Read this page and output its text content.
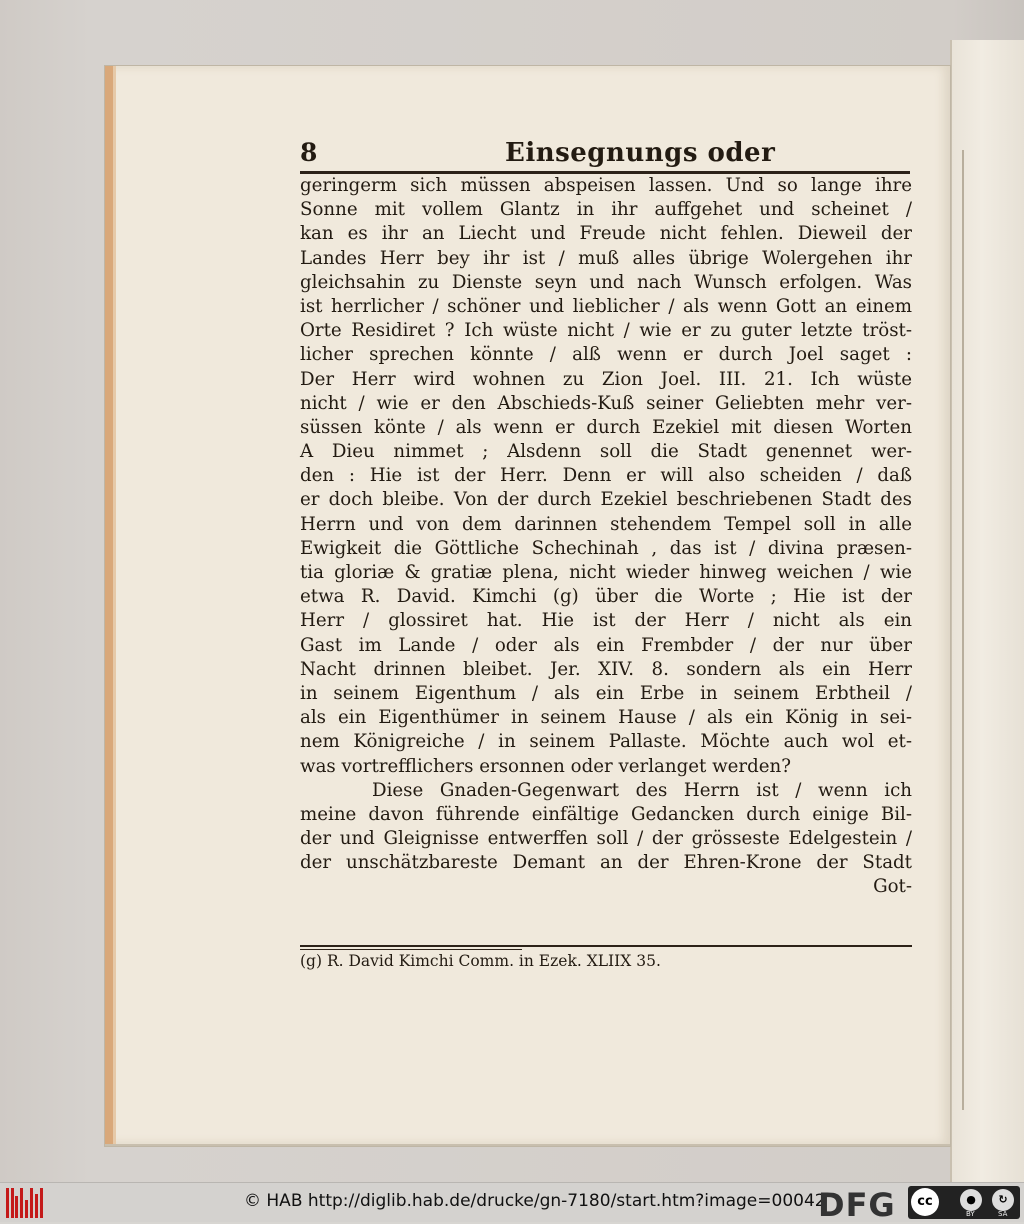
8	Einsegnungs oder
geringerm sich müssen abspeisen lassen. Und so lange ihre
Sonne mit vollem Glantz in ihr auffgehet und scheinet /
kan es ihr an Liecht und Freude nicht fehlen. Dieweil der
Landes Herr bey ihr ist / muß alles übrige Wolergehen ihr
gleichsahin zu Dienste seyn und nach Wunsch erfolgen. Was
ist herrlicher / schöner und lieblicher / als wenn Gott an einem
Orte Residiret ? Ich wüste nicht / wie er zu guter letzte tröst-
licher sprechen könnte / alß wenn er durch Joel saget :
Der Herr wird wohnen zu Zion Joel. III. 21. Ich wüste
nicht / wie er den Abschieds-Kuß seiner Geliebten mehr ver-
süssen könte / als wenn er durch Ezekiel mit diesen Worten
A Dieu nimmet ; Alsdenn soll die Stadt genennet wer-
den : Hie ist der Herr. Denn er will also scheiden / daß
er doch bleibe. Von der durch Ezekiel beschriebenen Stadt des
Herrn und von dem darinnen stehendem Tempel soll in alle
Ewigkeit die Göttliche Schechinah , das ist / divina præsen-
tia gloriæ & gratiæ plena, nicht wieder hinweg weichen / wie
etwa R. David. Kimchi (g) über die Worte ; Hie ist der
Herr / glossiret hat. Hie ist der Herr / nicht als ein
Gast im Lande / oder als ein Frembder / der nur über
Nacht drinnen bleibet. Jer. XIV. 8. sondern als ein Herr
in seinem Eigenthum / als ein Erbe in seinem Erbtheil /
als ein Eigenthümer in seinem Hause / als ein König in sei-
nem Königreiche / in seinem Pallaste. Möchte auch wol et-
was vortrefflichers ersonnen oder verlanget werden?
Diese Gnaden-Gegenwart des Herrn ist / wenn ich
meine davon führende einfältige Gedancken durch einige Bil-
der und Gleignisse entwerffen soll / der grösseste Edelgestein /
der unschätzbareste Demant an der Ehren-Krone der Stadt
Got-
(g) R. David Kimchi Comm. in Ezek. XLIIX 35.
© HAB http://diglib.hab.de/drucke/gn-7180/start.htm?image=00042
DFG	cc	●	↻
BY	SA
